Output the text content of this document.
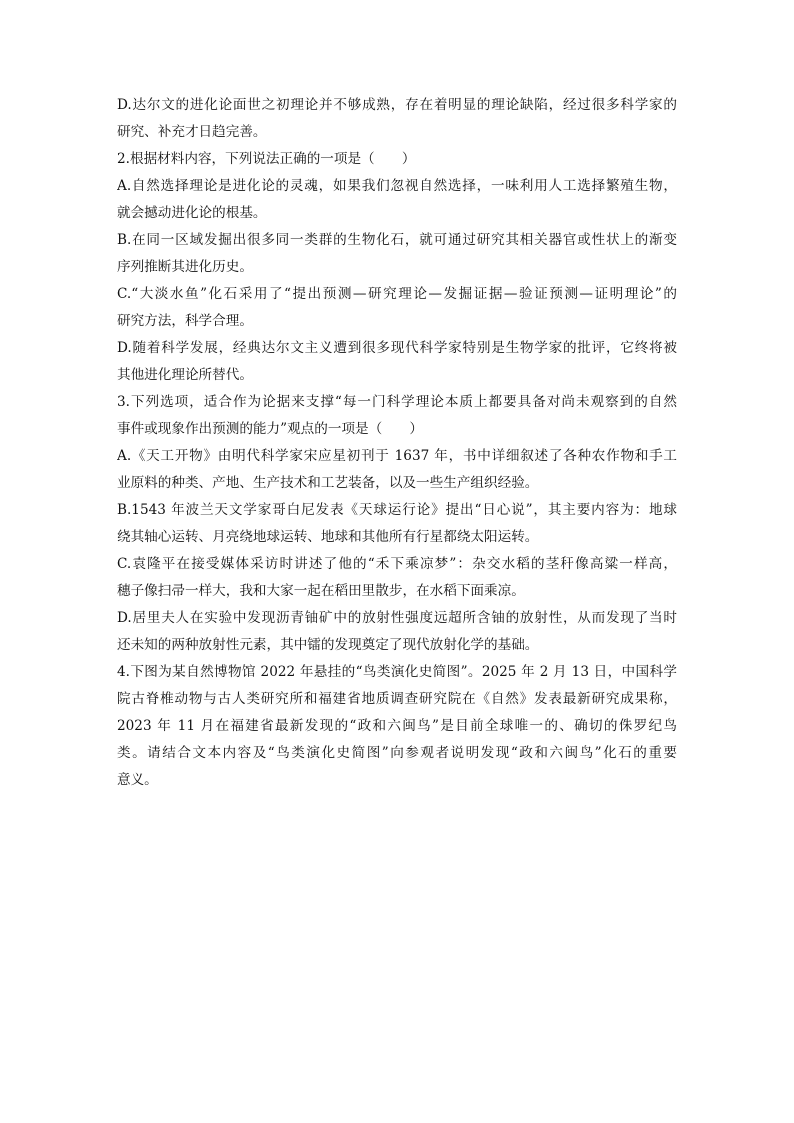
D.达尔文的进化论面世之初理论并不够成熟，存在着明显的理论缺陷，经过很多科学家的

研究、补充才日趋完善。

2.根据材料内容，下列说法正确的一项是（　　）

A.自然选择理论是进化论的灵魂，如果我们忽视自然选择，一味利用人工选择繁殖生物，

就会撼动进化论的根基。

B.在同一区域发掘出很多同一类群的生物化石，就可通过研究其相关器官或性状上的渐变

序列推断其进化历史。

C.“大淡水鱼”化石采用了“提出预测—研究理论—发掘证据—验证预测—证明理论”的

研究方法，科学合理。

D.随着科学发展，经典达尔文主义遭到很多现代科学家特别是生物学家的批评，它终将被

其他进化理论所替代。

3.下列选项，适合作为论据来支撑“每一门科学理论本质上都要具备对尚未观察到的自然

事件或现象作出预测的能力”观点的一项是（　　）

A.《天工开物》由明代科学家宋应星初刊于 1637 年，书中详细叙述了各种农作物和手工

业原料的种类、产地、生产技术和工艺装备，以及一些生产组织经验。

B.1543 年波兰天文学家哥白尼发表《天球运行论》提出“日心说”，其主要内容为：地球

绕其轴心运转、月亮绕地球运转、地球和其他所有行星都绕太阳运转。

C.袁隆平在接受媒体采访时讲述了他的“禾下乘凉梦”：杂交水稻的茎秆像高粱一样高，

穗子像扫帚一样大，我和大家一起在稻田里散步，在水稻下面乘凉。

D.居里夫人在实验中发现沥青铀矿中的放射性强度远超所含铀的放射性，从而发现了当时

还未知的两种放射性元素，其中镭的发现奠定了现代放射化学的基础。

4.下图为某自然博物馆 2022 年悬挂的“鸟类演化史简图”。2025 年 2 月 13 日，中国科学

院古脊椎动物与古人类研究所和福建省地质调查研究院在《自然》发表最新研究成果称，

2023 年 11 月在福建省最新发现的“政和六闽鸟”是目前全球唯一的、确切的侏罗纪鸟

类。请结合文本内容及“鸟类演化史简图”向参观者说明发现“政和六闽鸟”化石的重要

意义。
